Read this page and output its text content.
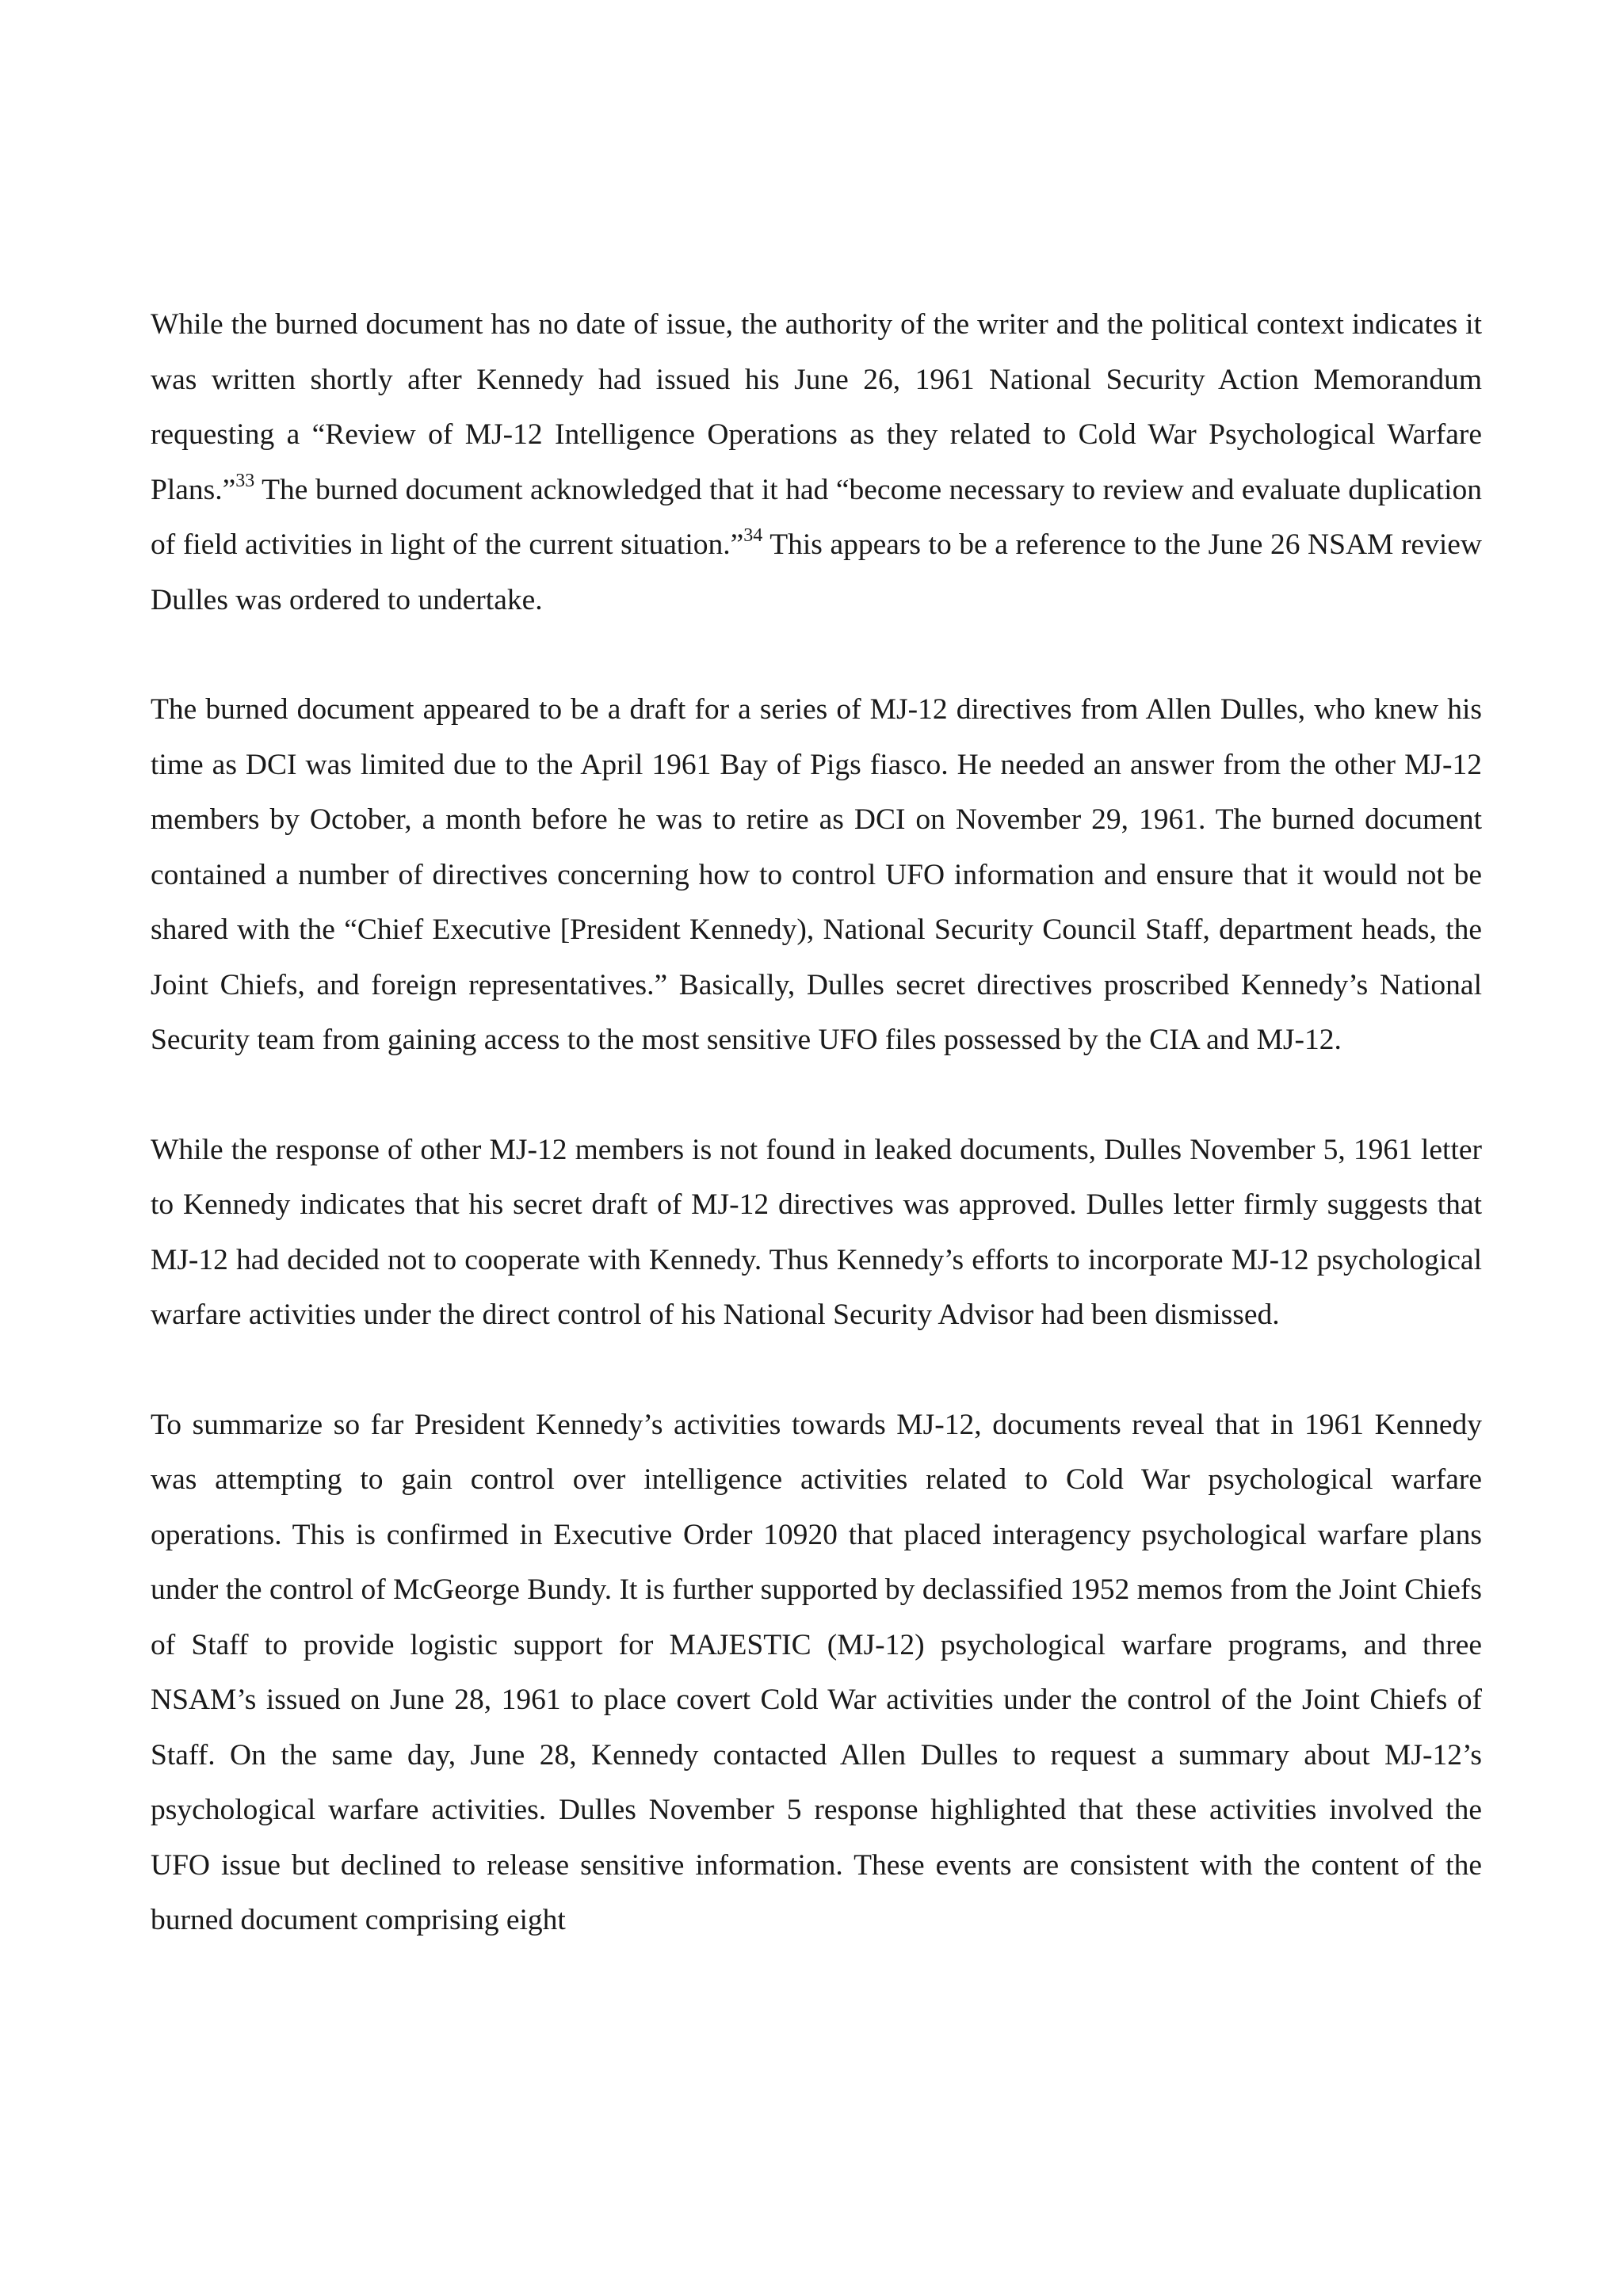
While the burned document has no date of issue, the authority of the writer and the political context indicates it was written shortly after Kennedy had issued his June 26, 1961 National Security Action Memorandum requesting a “Review of MJ-12 Intelligence Operations as they related to Cold War Psychological Warfare Plans.”$^{33}$ The burned document acknowledged that it had “become necessary to review and evaluate duplication of field activities in light of the current situation.”$^{34}$ This appears to be a reference to the June 26 NSAM review Dulles was ordered to undertake.

The burned document appeared to be a draft for a series of MJ-12 directives from Allen Dulles, who knew his time as DCI was limited due to the April 1961 Bay of Pigs fiasco. He needed an answer from the other MJ-12 members by October, a month before he was to retire as DCI on November 29, 1961. The burned document contained a number of directives concerning how to control UFO information and ensure that it would not be shared with the “Chief Executive [President Kennedy), National Security Council Staff, department heads, the Joint Chiefs, and foreign representatives.” Basically, Dulles secret directives proscribed Kennedy’s National Security team from gaining access to the most sensitive UFO files possessed by the CIA and MJ-12.

While the response of other MJ-12 members is not found in leaked documents, Dulles November 5, 1961 letter to Kennedy indicates that his secret draft of MJ-12 directives was approved. Dulles letter firmly suggests that MJ-12 had decided not to cooperate with Kennedy. Thus Kennedy’s efforts to incorporate MJ-12 psychological warfare activities under the direct control of his National Security Advisor had been dismissed.

To summarize so far President Kennedy’s activities towards MJ-12, documents reveal that in 1961 Kennedy was attempting to gain control over intelligence activities related to Cold War psychological warfare operations. This is confirmed in Executive Order 10920 that placed interagency psychological warfare plans under the control of McGeorge Bundy. It is further supported by declassified 1952 memos from the Joint Chiefs of Staff to provide logistic support for MAJESTIC (MJ-12) psychological warfare programs, and three NSAM’s issued on June 28, 1961 to place covert Cold War activities under the control of the Joint Chiefs of Staff. On the same day, June 28, Kennedy contacted Allen Dulles to request a summary about MJ-12’s psychological warfare activities. Dulles November 5 response highlighted that these activities involved the UFO issue but declined to release sensitive information. These events are consistent with the content of the burned document comprising eight
